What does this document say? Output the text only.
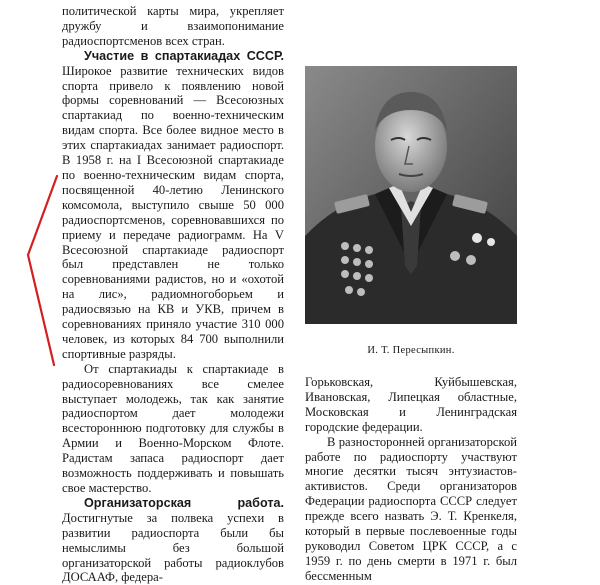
политической карты мира, укрепляет дружбу и взаимопонимание радиоспортсменов всех стран.

Участие в спартакиадах СССР. Широкое развитие технических видов спорта привело к появлению новой формы соревнований — Всесоюзных спартакиад по военно-техническим видам спорта. Все более видное место в этих спартакиадах занимает радиоспорт. В 1958 г. на I Всесоюзной спартакиаде по военно-техническим видам спорта, посвященной 40-летию Ленинского комсомола, выступило свыше 50 000 радиоспортсменов, соревновавшихся по приему и передаче радиограмм. На V Всесоюзной спартакиаде радиоспорт был представлен не только соревнованиями радистов, но и «охотой на лис», радиомногоборьем и радиосвязью на КВ и УКВ, причем в соревнованиях приняло участие 310 000 человек, из которых 84 700 выполнили спортивные разряды.

От спартакиады к спартакиаде в радиосоревнованиях все смелее выступает молодежь, так как занятие радиоспортом дает молодежи всестороннюю подготовку для службы в Армии и Военно-Морском Флоте. Радистам запаса радиоспорт дает возможность поддерживать и повышать свое мастерство.

Организаторская работа. Достигнутые за полвека успехи в развитии радиоспорта были бы немыслимы без большой организаторской работы радиоклубов ДОСААФ, федера-

И. Т. Пересыпкин.

Горьковская, Куйбышевская, Ивановская, Липецкая областные, Московская и Ленинградская городские федерации.

В разносторонней организаторской работе по радиоспорту участвуют многие десятки тысяч энтузиастов-активистов. Среди организаторов Федерации радиоспорта СССР следует прежде всего назвать Э. Т. Кренкеля, который в первые послевоенные годы руководил Советом ЦРК СССР, а с 1959 г. по день смерти в 1971 г. был бессменным
